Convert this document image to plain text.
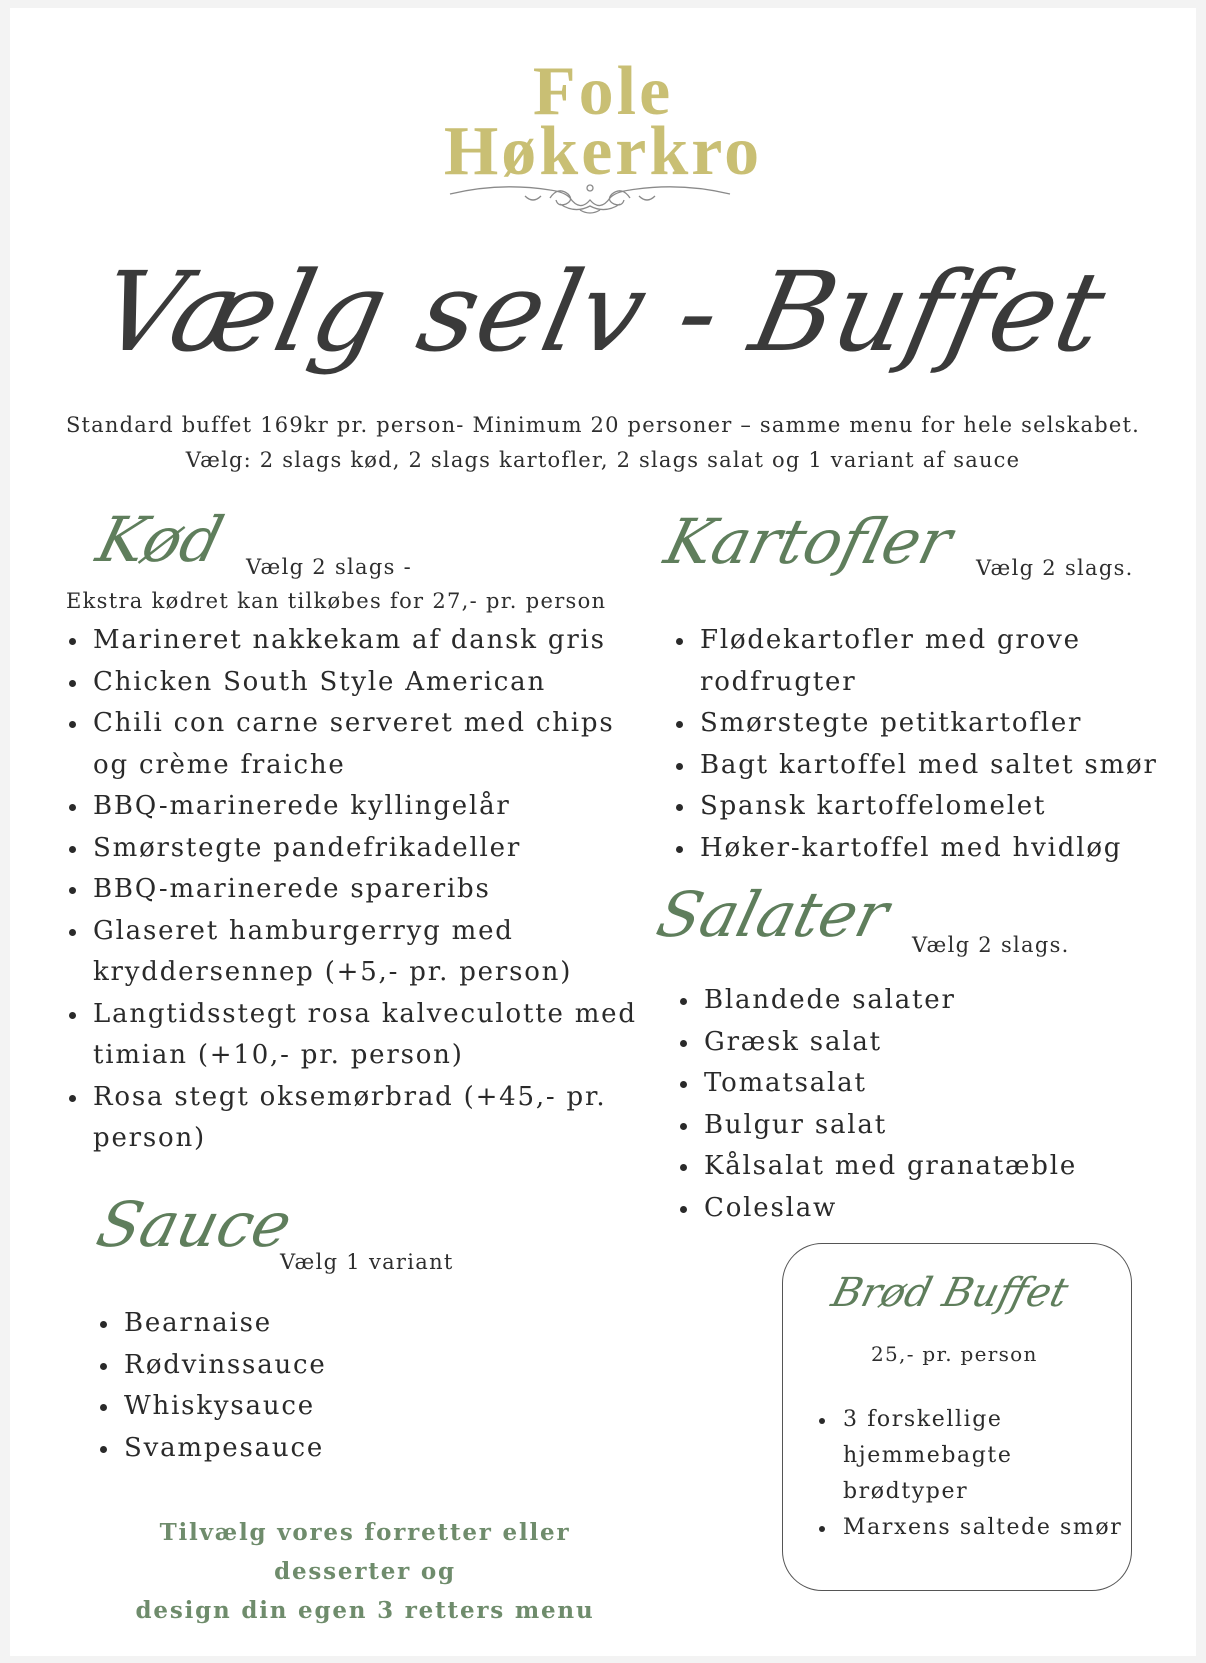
Fole
Høkerkro
Vælg selv - Buffet
Standard buffet 169kr pr. person- Minimum 20 personer – samme menu for hele selskabet.
Vælg: 2 slags kød, 2 slags kartofler, 2 slags salat og 1 variant af sauce
Kød Vælg 2 slags -
Ekstra kødret kan tilkøbes for 27,- pr. person
Marineret nakkekam af dansk gris
Chicken South Style American
Chili con carne serveret med chips og crème fraiche
BBQ-marinerede kyllingelår
Smørstegte pandefrikadeller
BBQ-marinerede spareribs
Glaseret hamburgerryg med kryddersennep (+5,- pr. person)
Langtidsstegt rosa kalveculotte med timian (+10,- pr. person)
Rosa stegt oksemørbrad (+45,- pr. person)
Kartofler Vælg 2 slags.
Flødekartofler med grove rodfrugter
Smørstegte petitkartofler
Bagt kartoffel med saltet smør
Spansk kartoffelomelet
Høker-kartoffel med hvidløg
Salater Vælg 2 slags.
Blandede salater
Græsk salat
Tomatsalat
Bulgur salat
Kålsalat med granatæble
Coleslaw
Sauce
Vælg 1 variant
Bearnaise
Rødvinssauce
Whiskysauce
Svampesauce
Brød Buffet
25,- pr. person
3 forskellige hjemmebagte brødtyper
Marxens saltede smør
Tilvælg vores forretter eller desserter og
design din egen 3 retters menu
